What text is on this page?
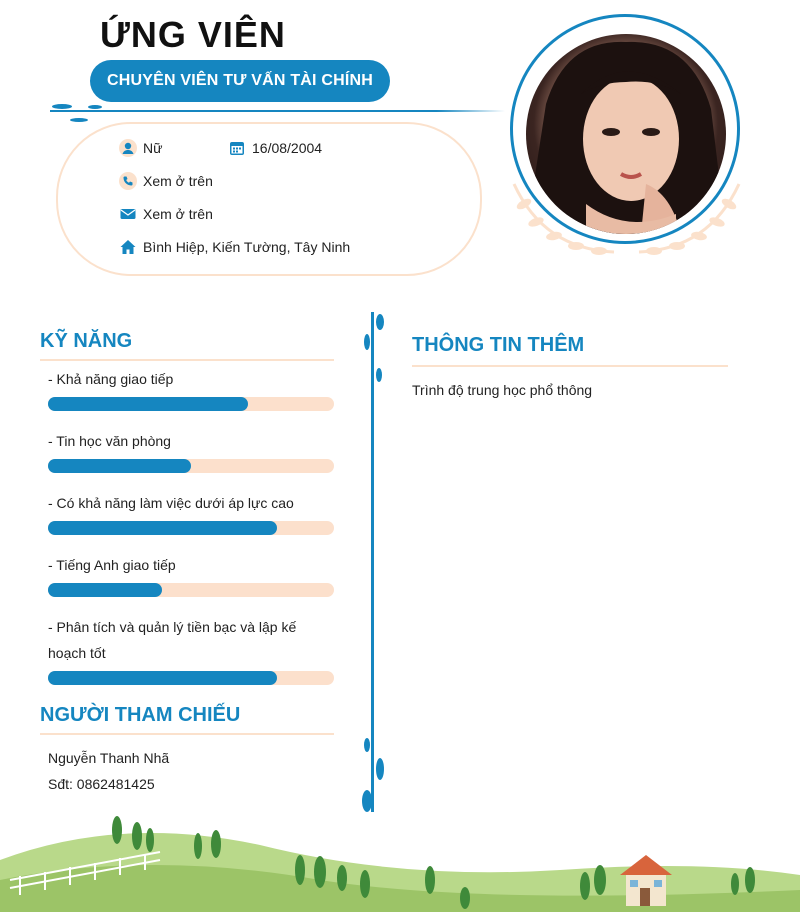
ỨNG VIÊN
CHUYÊN VIÊN TƯ VẤN TÀI CHÍNH
Nữ	16/08/2004
Xem ở trên
Xem ở trên
Bình Hiệp, Kiến Tường, Tây Ninh
KỸ NĂNG
- Khả năng giao tiếp
- Tin học văn phòng
- Có khả năng làm việc dưới áp lực cao
- Tiếng Anh giao tiếp
- Phân tích và quản lý tiền bạc và lập kế hoạch tốt
NGƯỜI THAM CHIẾU
Nguyễn Thanh Nhã
Sđt: 0862481425
THÔNG TIN THÊM
Trình độ trung học phổ thông
